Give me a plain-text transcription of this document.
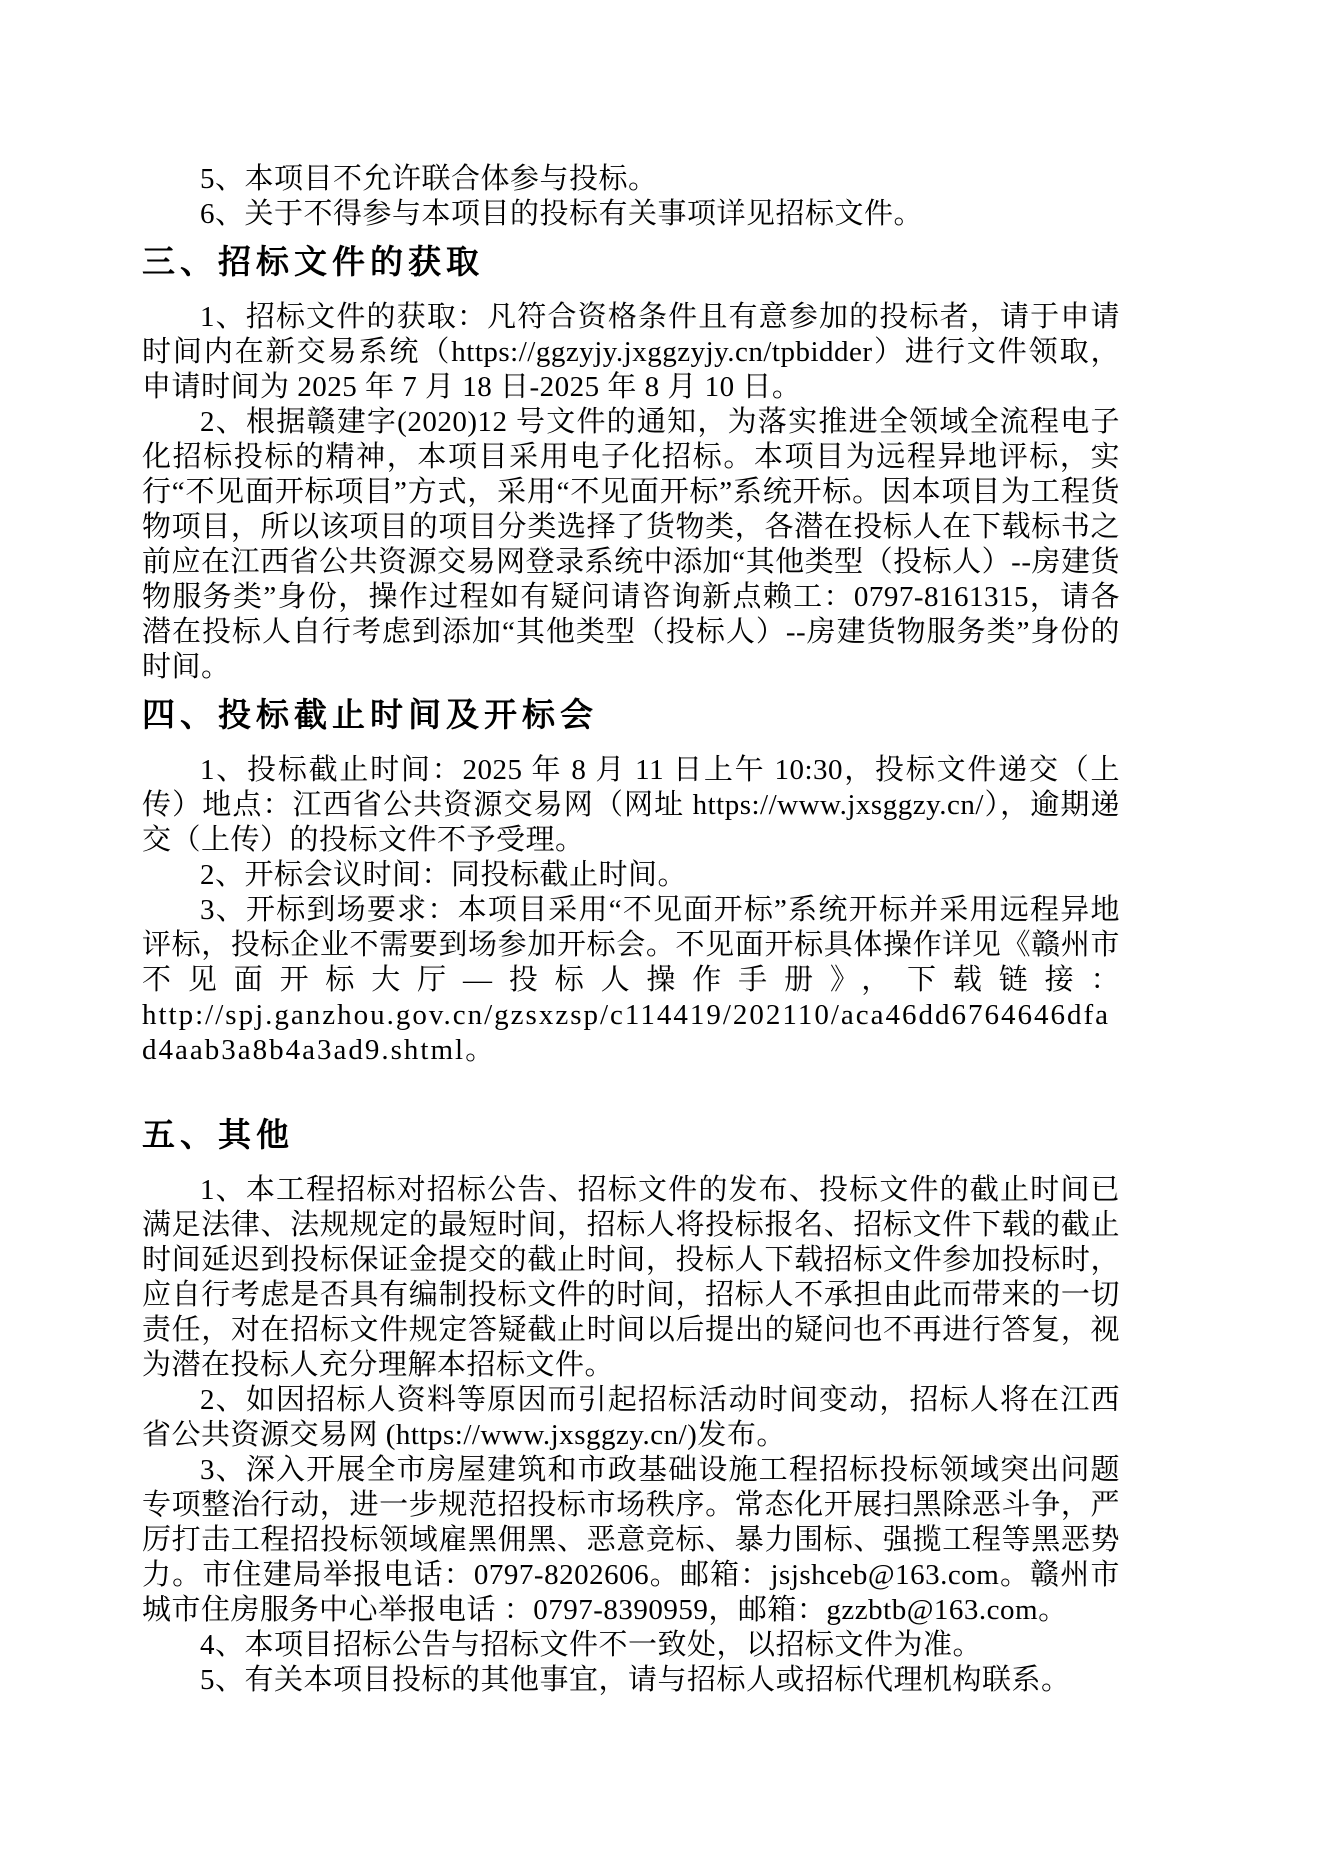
5、本项目不允许联合体参与投标。

6、关于不得参与本项目的投标有关事项详见招标文件。

三、招标文件的获取

1、招标文件的获取：凡符合资格条件且有意参加的投标者，请于申请时间内在新交易系统（https://ggzyjy.jxggzyjy.cn/tpbidder）进行文件领取，申请时间为 2025 年 7 月 18 日-2025 年 8 月 10 日。

2、根据赣建字(2020)12 号文件的通知，为落实推进全领域全流程电子化招标投标的精神，本项目采用电子化招标。本项目为远程异地评标，实行“不见面开标项目”方式，采用“不见面开标”系统开标。因本项目为工程货物项目，所以该项目的项目分类选择了货物类，各潜在投标人在下载标书之前应在江西省公共资源交易网登录系统中添加“其他类型（投标人）--房建货物服务类”身份，操作过程如有疑问请咨询新点赖工：0797-8161315，请各潜在投标人自行考虑到添加“其他类型（投标人）--房建货物服务类”身份的时间。

四、投标截止时间及开标会

1、投标截止时间：2025 年 8 月 11 日上午 10:30，投标文件递交（上传）地点：江西省公共资源交易网（网址 https://www.jxsggzy.cn/），逾期递交（上传）的投标文件不予受理。

2、开标会议时间：同投标截止时间。

3、开标到场要求：本项目采用“不见面开标”系统开标并采用远程异地评标，投标企业不需要到场参加开标会。不见面开标具体操作详见《赣州市不见面开标大厅—投标人操作手册》，下载链接：

http://spj.ganzhou.gov.cn/gzsxzsp/c114419/202110/aca46dd6764646dfad4aab3a8b4a3ad9.shtml。

五、其他

1、本工程招标对招标公告、招标文件的发布、投标文件的截止时间已满足法律、法规规定的最短时间，招标人将投标报名、招标文件下载的截止时间延迟到投标保证金提交的截止时间，投标人下载招标文件参加投标时，应自行考虑是否具有编制投标文件的时间，招标人不承担由此而带来的一切责任，对在招标文件规定答疑截止时间以后提出的疑问也不再进行答复，视为潜在投标人充分理解本招标文件。

2、如因招标人资料等原因而引起招标活动时间变动，招标人将在江西省公共资源交易网 (https://www.jxsggzy.cn/)发布。

3、深入开展全市房屋建筑和市政基础设施工程招标投标领域突出问题专项整治行动，进一步规范招投标市场秩序。常态化开展扫黑除恶斗争，严厉打击工程招投标领域雇黑佣黑、恶意竞标、暴力围标、强揽工程等黑恶势力。市住建局举报电话：0797-8202606。邮箱：jsjshceb@163.com。赣州市城市住房服务中心举报电话 ：0797-8390959，邮箱：gzzbtb@163.com。

4、本项目招标公告与招标文件不一致处，以招标文件为准。

5、有关本项目投标的其他事宜，请与招标人或招标代理机构联系。
